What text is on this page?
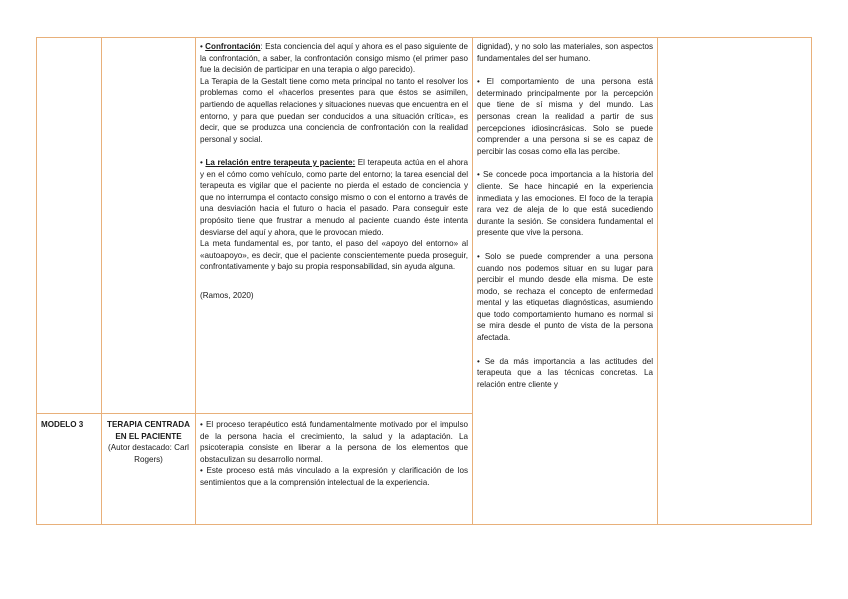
MODELO 3	TERAPIA CENTRADA EN EL PACIENTE
(Autor destacado: Carl Rogers)
• Confrontación: Esta conciencia del aquí y ahora es el paso siguiente de la confrontación, a saber, la confrontación consigo mismo (el primer paso fue la decisión de participar en una terapia o algo parecido).
La Terapia de la Gestalt tiene como meta principal no tanto el resolver los problemas como el «hacerlos presentes para que éstos se asimilen, partiendo de aquellas relaciones y situaciones nuevas que encuentra en el entorno, y para que puedan ser conducidos a una situación crítica», es decir, que se produzca una conciencia de confrontación con la realidad personal y social.
• La relación entre terapeuta y paciente: El terapeuta actúa en el ahora y en el cómo como vehículo, como parte del entorno; la tarea esencial del terapeuta es vigilar que el paciente no pierda el estado de conciencia y que no interrumpa el contacto consigo mismo o con el entorno a través de una desviación hacia el futuro o hacia el pasado. Para conseguir este propósito tiene que frustrar a menudo al paciente cuando éste intenta desviarse del aquí y ahora, que le provocan miedo.
La meta fundamental es, por tanto, el paso del «apoyo del entorno» al «autoapoyo», es decir, que el paciente conscientemente pueda proseguir, confrontativamente y bajo su propia responsabilidad, sin ayuda alguna.
(Ramos, 2020)
• El proceso terapéutico está fundamentalmente motivado por el impulso de la persona hacia el crecimiento, la salud y la adaptación. La psicoterapia consiste en liberar a la persona de los elementos que obstaculizan su desarrollo normal.
• Este proceso está más vinculado a la expresión y clarificación de los sentimientos que a la comprensión intelectual de la experiencia.
dignidad), y no solo las materiales, son aspectos fundamentales del ser humano.
• El comportamiento de una persona está determinado principalmente por la percepción que tiene de sí misma y del mundo. Las personas crean la realidad a partir de sus percepciones idiosincrásicas. Solo se puede comprender a una persona si se es capaz de percibir las cosas como ella las percibe.
• Se concede poca importancia a la historia del cliente. Se hace hincapié en la experiencia inmediata y las emociones. El foco de la terapia rara vez de aleja de lo que está sucediendo durante la sesión. Se considera fundamental el presente que vive la persona.
• Solo se puede comprender a una persona cuando nos podemos situar en su lugar para percibir el mundo desde ella misma. De este modo, se rechaza el concepto de enfermedad mental y las etiquetas diagnósticas, asumiendo que todo comportamiento humano es normal si se mira desde el punto de vista de la persona afectada.
• Se da más importancia a las actitudes del terapeuta que a las técnicas concretas. La relación entre cliente y
